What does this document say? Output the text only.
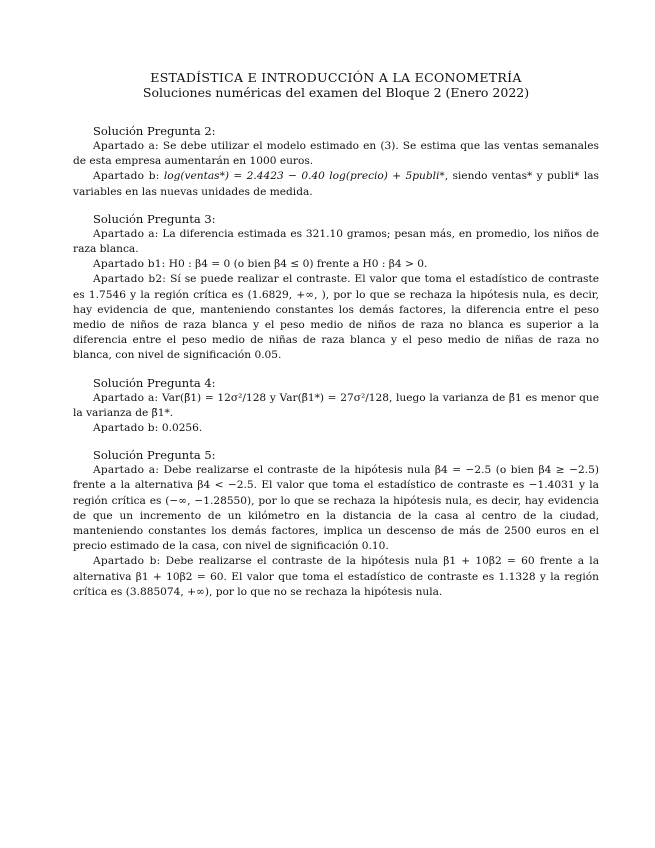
ESTADÍSTICA E INTRODUCCIÓN A LA ECONOMETRÍA
Soluciones numéricas del examen del Bloque 2 (Enero 2022)
Solución Pregunta 2:
Apartado a: Se debe utilizar el modelo estimado en (3). Se estima que las ventas semanales de esta empresa aumentarán en 1000 euros.
Apartado b: log(ventas*) = 2.4423 − 0.40 log(precio) + 5publi*, siendo ventas* y publi* las variables en las nuevas unidades de medida.
Solución Pregunta 3:
Apartado a: La diferencia estimada es 321.10 gramos; pesan más, en promedio, los niños de raza blanca.
Apartado b1: H0 : β4 = 0 (o bien β4 ≤ 0) frente a H0 : β4 > 0.
Apartado b2: Sí se puede realizar el contraste. El valor que toma el estadístico de contraste es 1.7546 y la región crítica es (1.6829, +∞, ), por lo que se rechaza la hipótesis nula, es decir, hay evidencia de que, manteniendo constantes los demás factores, la diferencia entre el peso medio de niños de raza blanca y el peso medio de niños de raza no blanca es superior a la diferencia entre el peso medio de niñas de raza blanca y el peso medio de niñas de raza no blanca, con nivel de significación 0.05.
Solución Pregunta 4:
Apartado a: Var(β̃1) = 12σ²/128 y Var(β̃1*) = 27σ²/128, luego la varianza de β̃1 es menor que la varianza de β̃1*.
Apartado b: 0.0256.
Solución Pregunta 5:
Apartado a: Debe realizarse el contraste de la hipótesis nula β4 = −2.5 (o bien β4 ≥ −2.5) frente a la alternativa β4 < −2.5. El valor que toma el estadístico de contraste es −1.4031 y la región crítica es (−∞, −1.28550), por lo que se rechaza la hipótesis nula, es decir, hay evidencia de que un incremento de un kilómetro en la distancia de la casa al centro de la ciudad, manteniendo constantes los demás factores, implica un descenso de más de 2500 euros en el precio estimado de la casa, con nivel de significación 0.10.
Apartado b: Debe realizarse el contraste de la hipótesis nula β1 + 10β2 = 60 frente a la alternativa β1 + 10β2 = 60. El valor que toma el estadístico de contraste es 1.1328 y la región crítica es (3.885074, +∞), por lo que no se rechaza la hipótesis nula.
